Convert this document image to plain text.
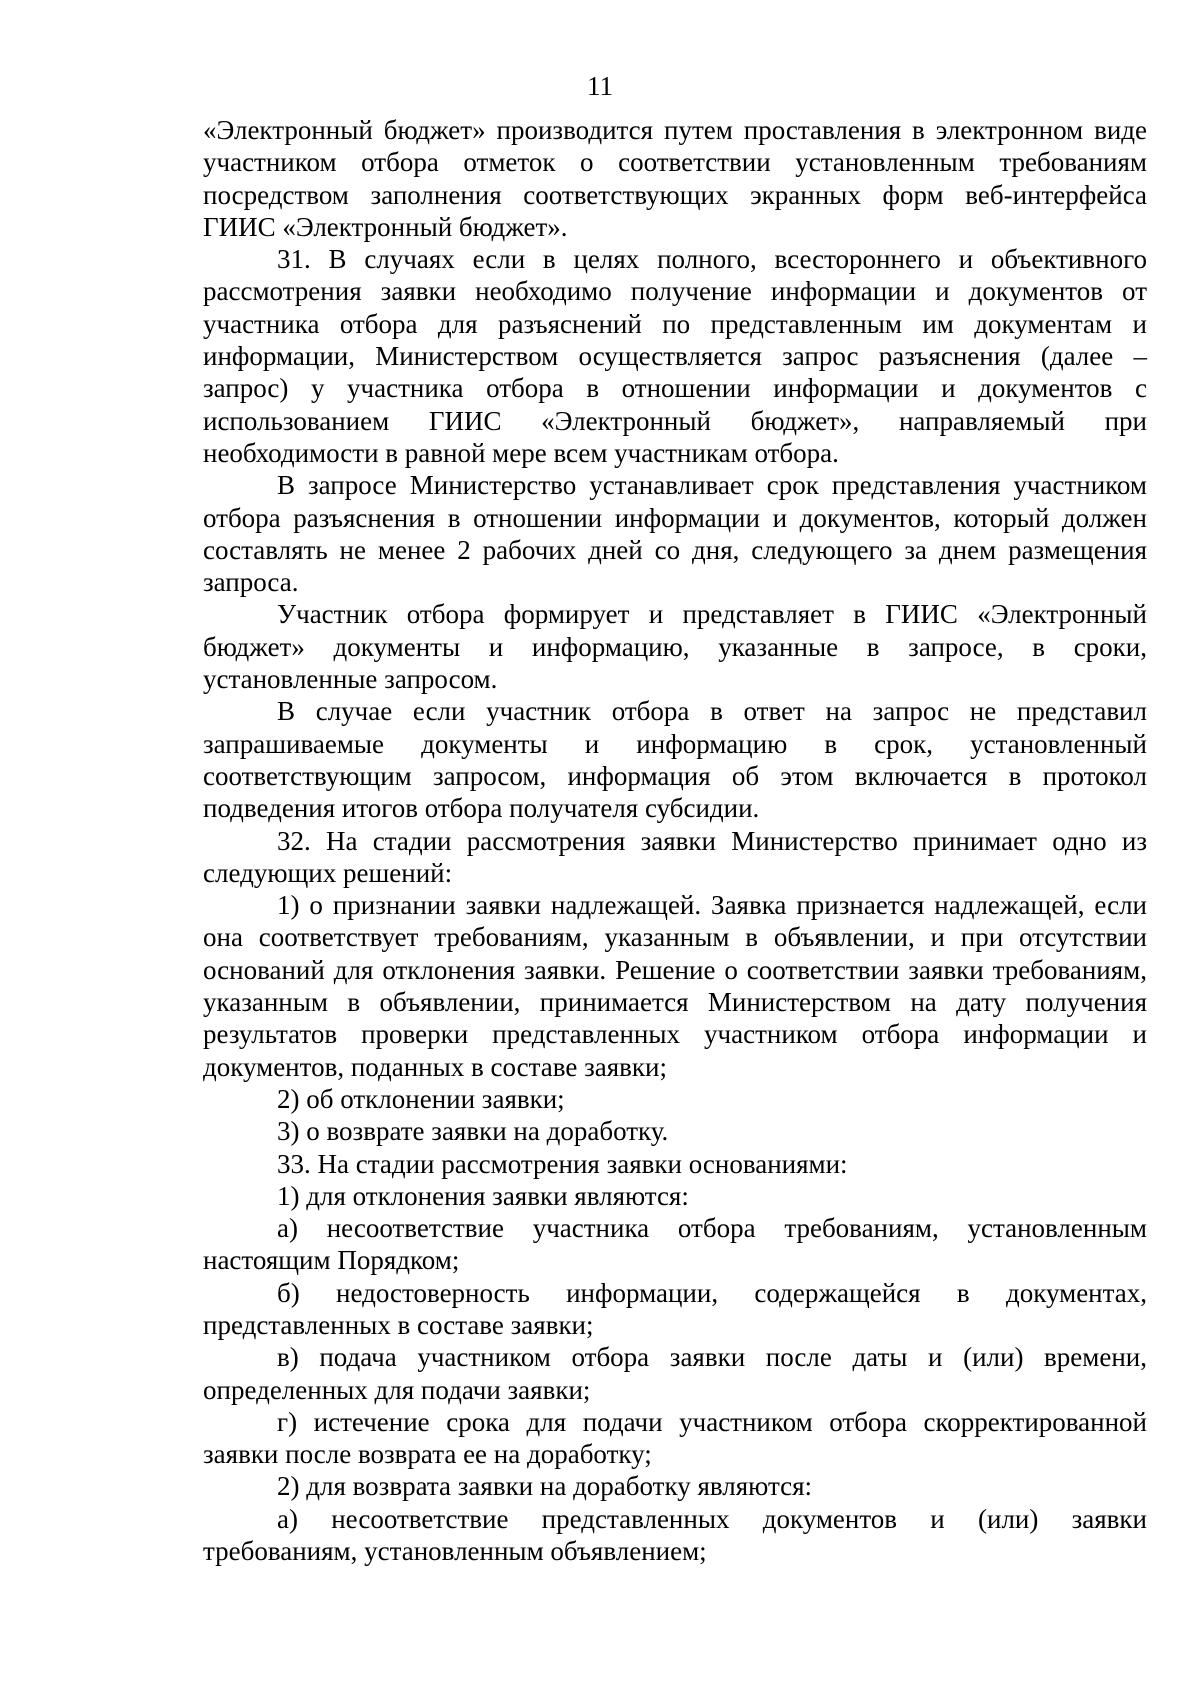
11

«Электронный бюджет» производится путем проставления в электронном виде участником отбора отметок о соответствии установленным требованиям посредством заполнения соответствующих экранных форм веб-интерфейса ГИИС «Электронный бюджет».

31. В случаях если в целях полного, всестороннего и объективного рассмотрения заявки необходимо получение информации и документов от участника отбора для разъяснений по представленным им документам и информации, Министерством осуществляется запрос разъяснения (далее – запрос) у участника отбора в отношении информации и документов с использованием ГИИС «Электронный бюджет», направляемый при необходимости в равной мере всем участникам отбора.

В запросе Министерство устанавливает срок представления участником отбора разъяснения в отношении информации и документов, который должен составлять не менее 2 рабочих дней со дня, следующего за днем размещения запроса.

Участник отбора формирует и представляет в ГИИС «Электронный бюджет» документы и информацию, указанные в запросе, в сроки, установленные запросом.

В случае если участник отбора в ответ на запрос не представил запрашиваемые документы и информацию в срок, установленный соответствующим запросом, информация об этом включается в протокол подведения итогов отбора получателя субсидии.

32. На стадии рассмотрения заявки Министерство принимает одно из следующих решений:

1) о признании заявки надлежащей. Заявка признается надлежащей, если она соответствует требованиям, указанным в объявлении, и при отсутствии оснований для отклонения заявки. Решение о соответствии заявки требованиям, указанным в объявлении, принимается Министерством на дату получения результатов проверки представленных участником отбора информации и документов, поданных в составе заявки;

2) об отклонении заявки;

3) о возврате заявки на доработку.

33. На стадии рассмотрения заявки основаниями:

1) для отклонения заявки являются:

а) несоответствие участника отбора требованиям, установленным настоящим Порядком;

б) недостоверность информации, содержащейся в документах, представленных в составе заявки;

в) подача участником отбора заявки после даты и (или) времени, определенных для подачи заявки;

г) истечение срока для подачи участником отбора скорректированной заявки после возврата ее на доработку;

2) для возврата заявки на доработку являются:

а) несоответствие представленных документов и (или) заявки требованиям, установленным объявлением;
